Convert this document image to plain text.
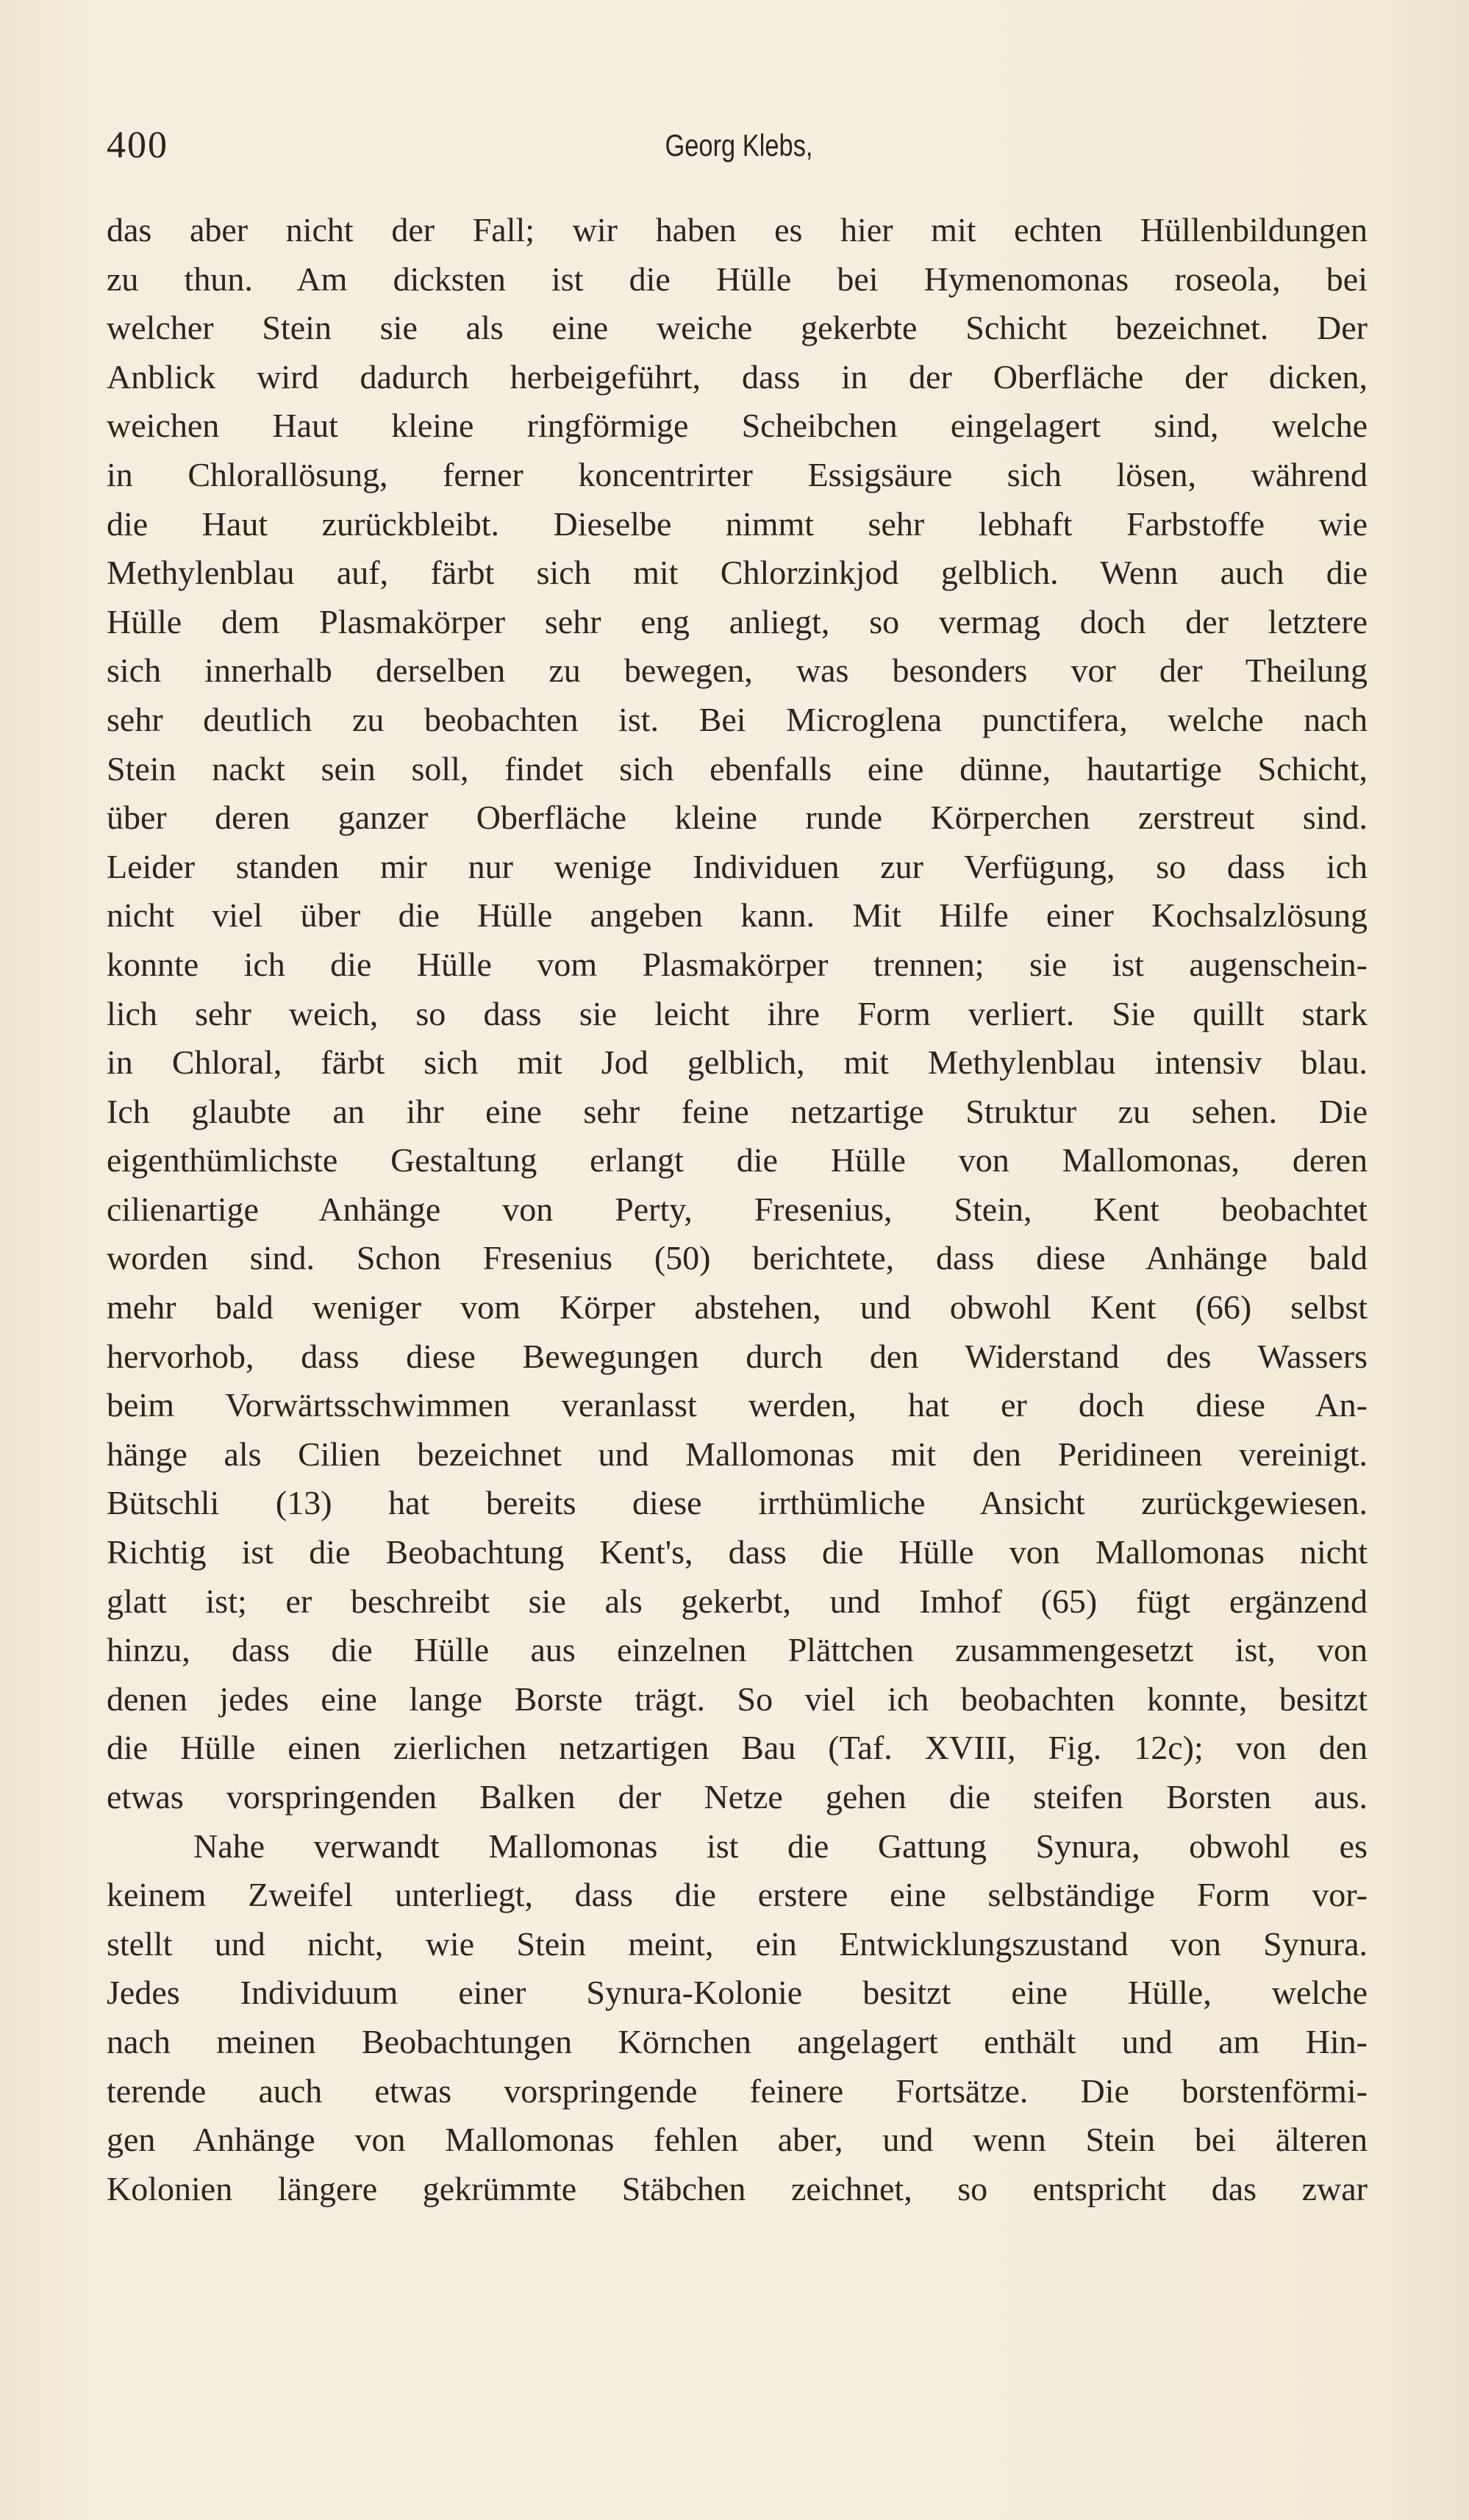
400	Georg Klebs,
das aber nicht der Fall; wir haben es hier mit echten Hüllenbildungen
zu thun. Am dicksten ist die Hülle bei Hymenomonas roseola, bei
welcher Stein sie als eine weiche gekerbte Schicht bezeichnet. Der
Anblick wird dadurch herbeigeführt, dass in der Oberfläche der dicken,
weichen Haut kleine ringförmige Scheibchen eingelagert sind, welche
in Chlorallösung, ferner koncentrirter Essigsäure sich lösen, während
die Haut zurückbleibt. Dieselbe nimmt sehr lebhaft Farbstoffe wie
Methylenblau auf, färbt sich mit Chlorzinkjod gelblich. Wenn auch die
Hülle dem Plasmakörper sehr eng anliegt, so vermag doch der letztere
sich innerhalb derselben zu bewegen, was besonders vor der Theilung
sehr deutlich zu beobachten ist. Bei Microglena punctifera, welche nach
Stein nackt sein soll, findet sich ebenfalls eine dünne, hautartige Schicht,
über deren ganzer Oberfläche kleine runde Körperchen zerstreut sind.
Leider standen mir nur wenige Individuen zur Verfügung, so dass ich
nicht viel über die Hülle angeben kann. Mit Hilfe einer Kochsalzlösung
konnte ich die Hülle vom Plasmakörper trennen; sie ist augenschein-
lich sehr weich, so dass sie leicht ihre Form verliert. Sie quillt stark
in Chloral, färbt sich mit Jod gelblich, mit Methylenblau intensiv blau.
Ich glaubte an ihr eine sehr feine netzartige Struktur zu sehen. Die
eigenthümlichste Gestaltung erlangt die Hülle von Mallomonas, deren
cilienartige Anhänge von Perty, Fresenius, Stein, Kent beobachtet
worden sind. Schon Fresenius (50) berichtete, dass diese Anhänge bald
mehr bald weniger vom Körper abstehen, und obwohl Kent (66) selbst
hervorhob, dass diese Bewegungen durch den Widerstand des Wassers
beim Vorwärtsschwimmen veranlasst werden, hat er doch diese An-
hänge als Cilien bezeichnet und Mallomonas mit den Peridineen vereinigt.
Bütschli (13) hat bereits diese irrthümliche Ansicht zurückgewiesen.
Richtig ist die Beobachtung Kent's, dass die Hülle von Mallomonas nicht
glatt ist; er beschreibt sie als gekerbt, und Imhof (65) fügt ergänzend
hinzu, dass die Hülle aus einzelnen Plättchen zusammengesetzt ist, von
denen jedes eine lange Borste trägt. So viel ich beobachten konnte, besitzt
die Hülle einen zierlichen netzartigen Bau (Taf. XVIII, Fig. 12c); von den
etwas vorspringenden Balken der Netze gehen die steifen Borsten aus.
Nahe verwandt Mallomonas ist die Gattung Synura, obwohl es
keinem Zweifel unterliegt, dass die erstere eine selbständige Form vor-
stellt und nicht, wie Stein meint, ein Entwicklungszustand von Synura.
Jedes Individuum einer Synura-Kolonie besitzt eine Hülle, welche
nach meinen Beobachtungen Körnchen angelagert enthält und am Hin-
terende auch etwas vorspringende feinere Fortsätze. Die borstenförmi-
gen Anhänge von Mallomonas fehlen aber, und wenn Stein bei älteren
Kolonien längere gekrümmte Stäbchen zeichnet, so entspricht das zwar
